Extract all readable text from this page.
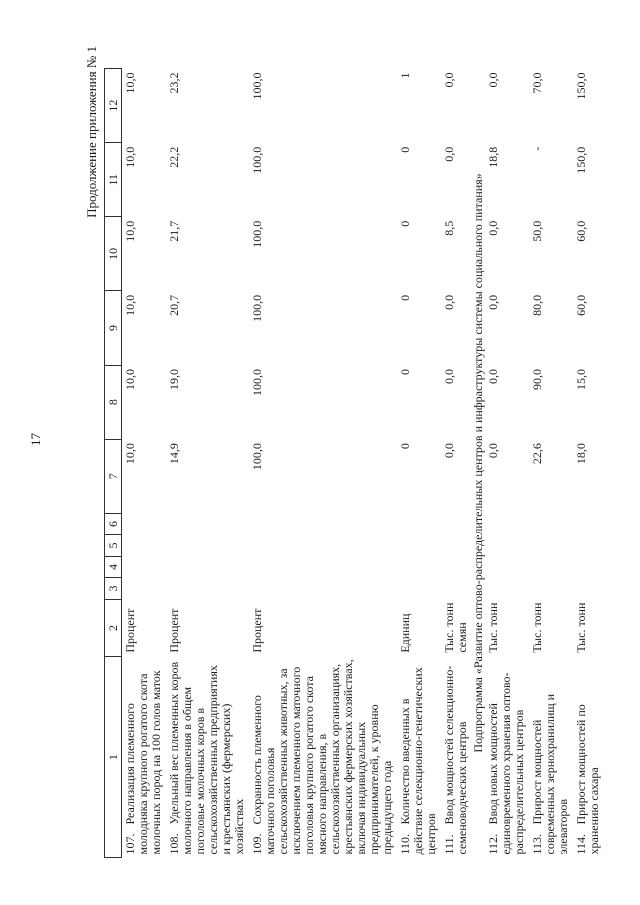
17
Продолжение приложения № 1
1	2	3	4	5	6	7	8	9	10	11	12
107.Реализация племенного молодняка крупного рогатого скота молочных пород на 100 голов маток	Процент					10,0	10,0	10,0	10,0	10,0	10,0
108.Удельный вес племенных коров молочного направления в общем поголовье молочных коров в сельскохозяйственных предприятиях и крестьянских (фермерских) хозяйствах	Процент					14,9	19,0	20,7	21,7	22,2	23,2
109.Сохранность племенного маточного поголовья сельскохозяйственных животных, за исключением племенного маточного поголовья крупного рогатого скота мясного направления, в сельскохозяйственных организациях, крестьянских фермерских хозяйствах, включая индивидуальных предпринимателей, к уровню предыдущего года	Процент					100,0	100,0	100,0	100,0	100,0	100,0
110.Количество введенных в действие селекционно-генетических центров	Единиц					0	0	0	0	0	1
111.Ввод мощностей селекционно-семеноводческих центров	Тыс. тонн семян					0,0	0,0	0,0	8,5	0,0	0,0
Подпрограмма «Развитие оптово-распределительных центров и инфраструктуры системы социального питания»											
112.Ввод новых мощностей единовременного хранения оптово-распределительных центров	Тыс. тонн					0,0	0,0	0,0	0,0	18,8	0,0
113.Прирост мощностей современных зернохранилищ и элеваторов	Тыс. тонн					22,6	90,0	80,0	50,0	-	70,0
114.Прирост мощностей по хранению сахара	Тыс. тонн					18,0	15,0	60,0	60,0	150,0	150,0
